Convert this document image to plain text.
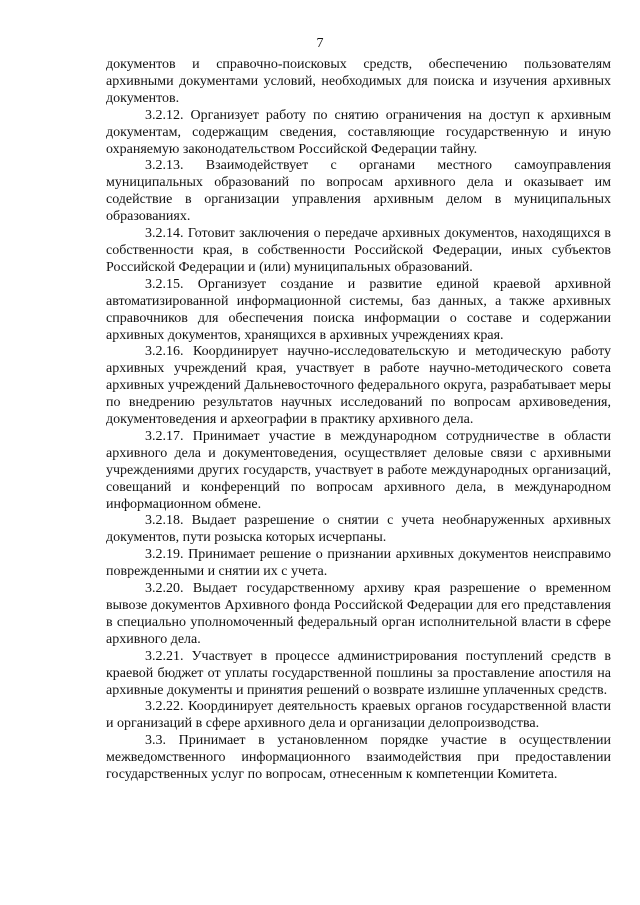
7

документов и справочно-поисковых средств, обеспечению пользователям архивными документами условий, необходимых для поиска и изучения архивных документов.

3.2.12. Организует работу по снятию ограничения на доступ к архивным документам, содержащим сведения, составляющие государственную и иную охраняемую законодательством Российской Федерации тайну.

3.2.13. Взаимодействует с органами местного самоуправления муниципальных образований по вопросам архивного дела и оказывает им содействие в организации управления архивным делом в муниципальных образованиях.

3.2.14. Готовит заключения о передаче архивных документов, находящихся в собственности края, в собственности Российской Федерации, иных субъектов Российской Федерации и (или) муниципальных образований.

3.2.15. Организует создание и развитие единой краевой архивной автоматизированной информационной системы, баз данных, а также архивных справочников для обеспечения поиска информации о составе и содержании архивных документов, хранящихся в архивных учреждениях края.

3.2.16. Координирует научно-исследовательскую и методическую работу архивных учреждений края, участвует в работе научно-методического совета архивных учреждений Дальневосточного федерального округа, разрабатывает меры по внедрению результатов научных исследований по вопросам архивоведения, документоведения и археографии в практику архивного дела.

3.2.17. Принимает участие в международном сотрудничестве в области архивного дела и документоведения, осуществляет деловые связи с архивными учреждениями других государств, участвует в работе международных организаций, совещаний и конференций по вопросам архивного дела, в международном информационном обмене.

3.2.18. Выдает разрешение о снятии с учета необнаруженных архивных документов, пути розыска которых исчерпаны.

3.2.19. Принимает решение о признании архивных документов неисправимо поврежденными и снятии их с учета.

3.2.20. Выдает государственному архиву края разрешение о временном вывозе документов Архивного фонда Российской Федерации для его представления в специально уполномоченный федеральный орган исполнительной власти в сфере архивного дела.

3.2.21. Участвует в процессе администрирования поступлений средств в краевой бюджет от уплаты государственной пошлины за проставление апостиля на архивные документы и принятия решений о возврате излишне уплаченных средств.

3.2.22. Координирует деятельность краевых органов государственной власти и организаций в сфере архивного дела и организации делопроизводства.

3.3. Принимает в установленном порядке участие в осуществлении межведомственного информационного взаимодействия при предоставлении государственных услуг по вопросам, отнесенным к компетенции Комитета.
